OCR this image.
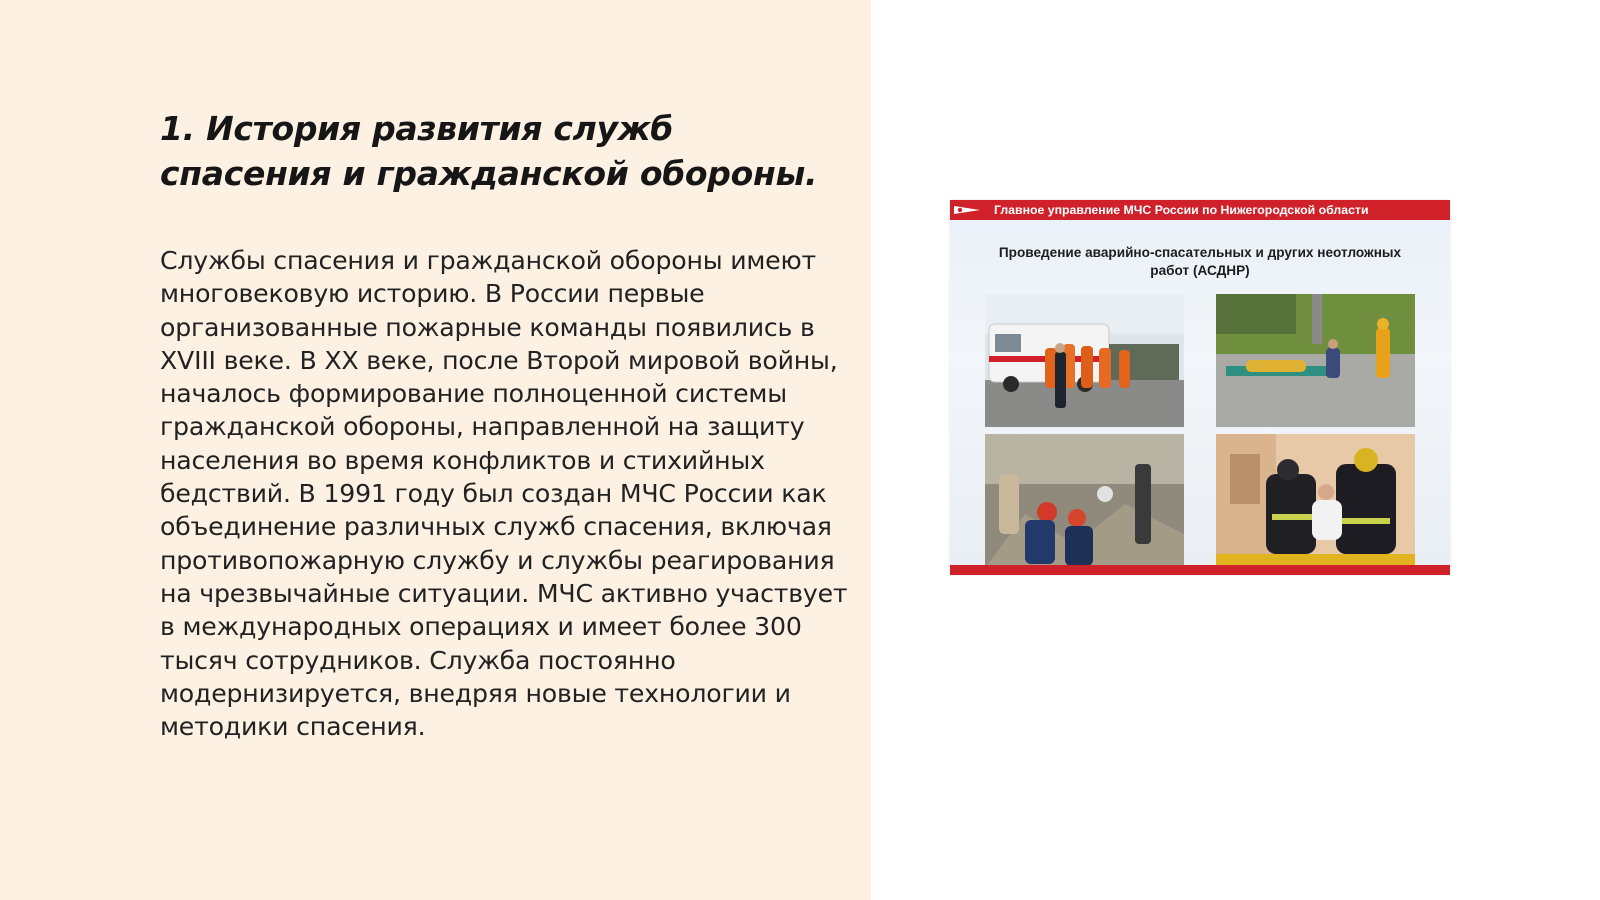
1. История развития служб спасения и гражданской обороны.

Службы спасения и гражданской обороны имеют многовековую историю. В России первые организованные пожарные команды появились в XVIII веке. В XX веке, после Второй мировой войны, началось формирование полноценной системы гражданской обороны, направленной на защиту населения во время конфликтов и стихийных бедствий. В 1991 году был создан МЧС России как объединение различных служб спасения, включая противопожарную службу и службы реагирования на чрезвычайные ситуации. МЧС активно участвует в международных операциях и имеет более 300 тысяч сотрудников. Служба постоянно модернизируется, внедряя новые технологии и методики спасения.

Главное управление МЧС России по Нижегородской области

Проведение аварийно-спасательных и других неотложных работ (АСДНР)
